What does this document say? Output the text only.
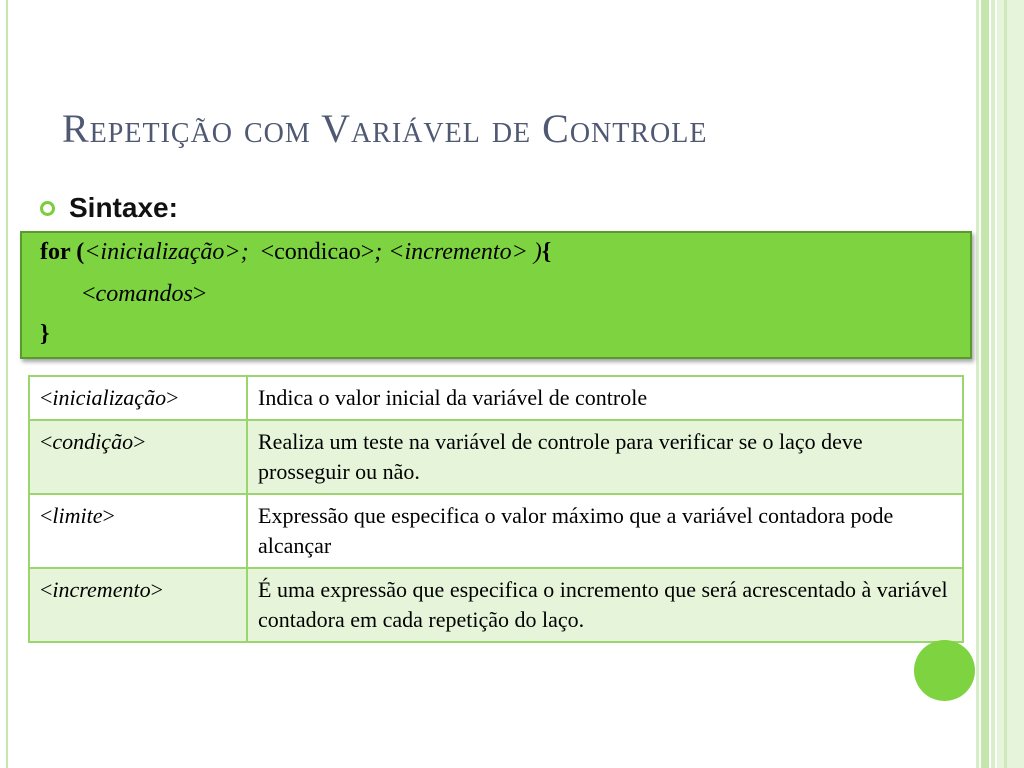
Repetição com Variável de Controle
Sintaxe:
for (<inicialização>; <condicao>; <incremento> ){
<comandos>
}
<inicialização>	Indica o valor inicial da variável de controle
<condição>	Realiza um teste na variável de controle para verificar se o laço deve prosseguir ou não.
<limite>	Expressão que especifica o valor máximo que a variável contadora pode alcançar
<incremento>	É uma expressão que especifica o incremento que será acrescentado à variável contadora em cada repetição do laço.
